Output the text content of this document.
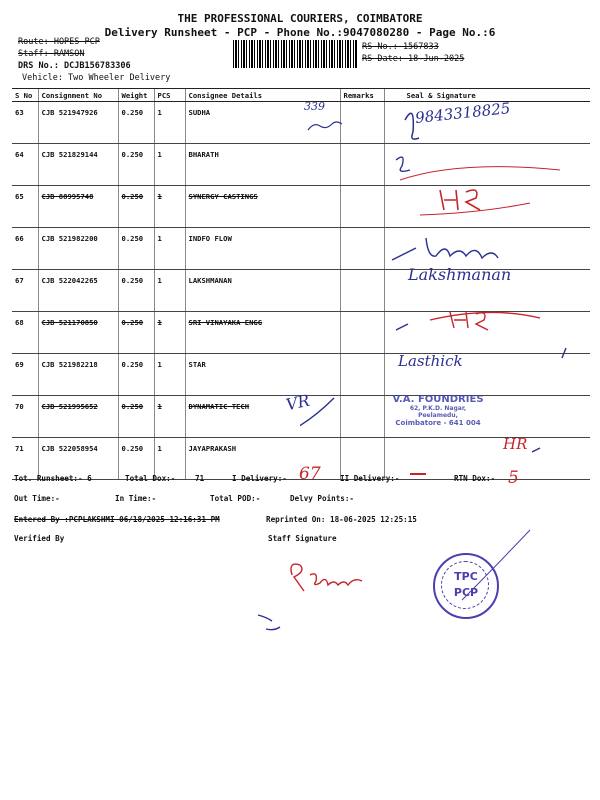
THE PROFESSIONAL COURIERS, COIMBATORE
Delivery Runsheet - PCP - Phone No.:9047080280 - Page No.:6
Route: HOPES PCP
Staff: RAMSON
DRS No.: DCJB156783306
Vehicle: Two Wheeler Delivery
RS No.: 1567833
RS Date: 18-Jun-2025
S No	Consignment No	Weight	PCS	Consignee Details	Remarks	Seal & Signature
63	CJB 521947926	0.250	1	SUDHA		
64	CJB 521829144	0.250	1	BHARATH		
65	CJB 88995748	0.250	1	SYNERGY CASTINGS		
66	CJB 521982200	0.250	1	INDFO FLOW		
67	CJB 522042265	0.250	1	LAKSHMANAN		
68	CJB 521170850	0.250	1	SRI VINAYAKA ENGG		
69	CJB 521982218	0.250	1	STAR		
70	CJB 521995652	0.250	1	DYNAMATIC TECH		
71	CJB 522058954	0.250	1	JAYAPRAKASH		
339	9843318825
Lakshmanan
Lasthick
VR
HR
V.A. FOUNDRIES
62, P.K.D. Nagar,
Peelamedu,
Coimbatore - 641 004
Tot. Runsheet:- 6	Total Dox:-	71	I Delivery:- 67	II Delivery:-	RTN Dox:- 5
Out Time:-	In Time:-	Total POD:-	Delvy Points:-
Entered By :PCPLAKSHMI 06/18/2025 12:16:31 PM	Reprinted On: 18-06-2025 12:25:15
Verified By	Staff Signature
TPC
PCP
